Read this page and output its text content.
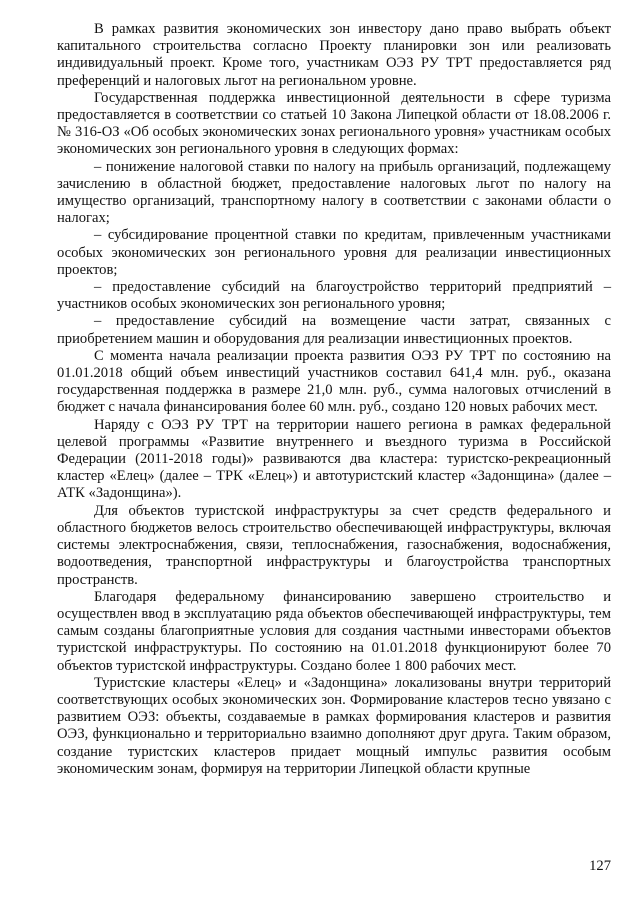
В рамках развития экономических зон инвестору дано право выбрать объект капитального строительства согласно Проекту планировки зон или реализовать индивидуальный проект. Кроме того, участникам ОЭЗ РУ ТРТ предоставляется ряд преференций и налоговых льгот на региональном уровне.

Государственная поддержка инвестиционной деятельности в сфере туризма предоставляется в соответствии со статьей 10 Закона Липецкой области от 18.08.2006 г. № 316-ОЗ «Об особых экономических зонах регионального уровня» участникам особых экономических зон регионального уровня в следующих формах:

– понижение налоговой ставки по налогу на прибыль организаций, подлежащему зачислению в областной бюджет, предоставление налоговых льгот по налогу на имущество организаций, транспортному налогу в соответствии с законами области о налогах;

– субсидирование процентной ставки по кредитам, привлеченным участниками особых экономических зон регионального уровня для реализации инвестиционных проектов;

– предоставление субсидий на благоустройство территорий предприятий – участников особых экономических зон регионального уровня;

– предоставление субсидий на возмещение части затрат, связанных с приобретением машин и оборудования для реализации инвестиционных проектов.

С момента начала реализации проекта развития ОЭЗ РУ ТРТ по состоянию на 01.01.2018 общий объем инвестиций участников составил 641,4 млн. руб., оказана государственная поддержка в размере 21,0 млн. руб., сумма налоговых отчислений в бюджет с начала финансирования более 60 млн. руб., создано 120 новых рабочих мест.

Наряду с ОЭЗ РУ ТРТ на территории нашего региона в рамках федеральной целевой программы «Развитие внутреннего и въездного туризма в Российской Федерации (2011-2018 годы)» развиваются два кластера: туристско-рекреационный кластер «Елец» (далее – ТРК «Елец») и автотуристский кластер «Задонщина» (далее – АТК «Задонщина»).

Для объектов туристской инфраструктуры за счет средств федерального и областного бюджетов велось строительство обеспечивающей инфраструктуры, включая системы электроснабжения, связи, теплоснабжения, газоснабжения, водоснабжения, водоотведения, транспортной инфраструктуры и благоустройства транспортных пространств.

Благодаря федеральному финансированию завершено строительство и осуществлен ввод в эксплуатацию ряда объектов обеспечивающей инфраструктуры, тем самым созданы благоприятные условия для создания частными инвесторами объектов туристской инфраструктуры. По состоянию на 01.01.2018 функционируют более 70 объектов туристской инфраструктуры. Создано более 1 800 рабочих мест.

Туристские кластеры «Елец» и «Задонщина» локализованы внутри территорий соответствующих особых экономических зон. Формирование кластеров тесно увязано с развитием ОЭЗ: объекты, создаваемые в рамках формирования кластеров и развития ОЭЗ, функционально и территориально взаимно дополняют друг друга. Таким образом, создание туристских кластеров придает мощный импульс развития особым экономическим зонам, формируя на территории Липецкой области крупные

127
